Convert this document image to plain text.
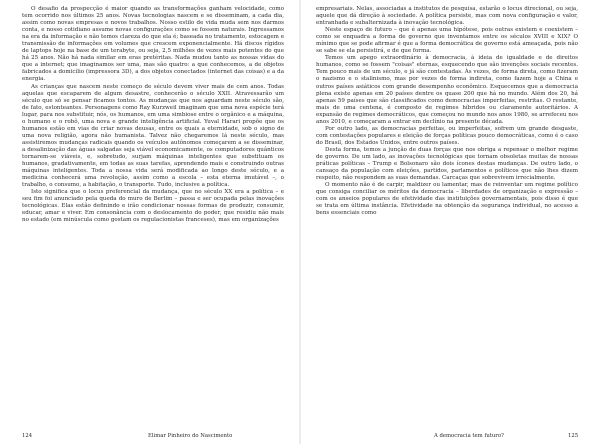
O desafio da prospecção é maior quando as transformações ganham velocidade, como tem ocorrido nos últimos 25 anos. Novas tecnologias nascem e se disseminam, a cada dia, assim como novas empresas e novos trabalhos. Nosso estilo de vida muda sem nos darmos conta, e nosso cotidiano assume novas configurações como se fossem naturais. Ingressamos na era da informação e não temos clareza do que ela é; baseada no tratamento, estocagem e transmissão de informações em volumes que crescem exponencialmente. Há discos rígidos de laptops hoje na base de um terabyte, ou seja, 2,5 milhões de vezes mais potentes do que há 25 anos. Não há nada similar em eras pretéritas. Nada mudou tanto as nossas vidas do que a internet; que imaginamos ser uma, mas são quatro: a que conhecemos, a de objetos fabricados a domicílio (impressora 3D), a dos objetos conectados (internet das coisas) e a da energia.

As crianças que nascem neste começo de século devem viver mais de cem anos. Todas aquelas que escaparem de algum desastre, conhecerão o século XXII. Atravessarão um século que só se pensar ficamos tontos. As mudanças que nos aguardam neste século são, de fato, estonteantes. Personagens como Ray Kurzweil imaginam que uma nova espécie terá lugar, para nos substituir, nós, os humanos, em uma simbiose entre o orgânico e a máquina, o humano e o robô, uma nova e grande inteligência artificial. Yuval Harari propõe que os humanos estão em vias de criar novas deusas, entre os quais a eternidade, sob o signo de uma nova religião, agora não humanista. Talvez não chegaremos lá neste século, mas assistiremos mudanças radicais quando os veículos autônomos começarem a se disseminar, a desalinização das águas salgadas seja viável economicamente, os computadores quânticos tornarem-se viáveis, e, sobretudo, surjam máquinas inteligentes que substituam os humanos, gradativamente, em todas as suas tarefas, aprendendo mais e construindo outras máquinas inteligentes. Toda a nossa vida será modificada ao longo deste século, e a medicina conhecerá uma revolução, assim como a escola – esta eterna imutável –, o trabalho, o consumo, a habitação, o transporte. Tudo, inclusive a política.

Isto significa que o locus preferencial da mudança, que no século XX era a política – e seu fim foi anunciado pela queda do muro de Berlim – passa e ser ocupada pelas inovações tecnológicas. Elas estão definindo e irão condicionar nossas formas de produzir, consumir, educar, amar e viver. Em consonância com o deslocamento do poder, que residiu não mais no estado (em minúscula como gostam os regulacionistas franceses), mas em organizações

124	Elimar Pinheiro do Nascimento

empresariais. Nelas, associadas a institutos de pesquisa, estarão o locus direcional, ou seja, aquele que dá direção à sociedade. A política persiste, mas com nova configuração e valor, entranhada e subalternizada à inovação tecnológica.

Neste espaço de futuro – que é apenas uma hipótese, pois outras existem e coexistem – como se enquadra a forma de governo que inventamos entre os séculos XVIII e XIX? O mínimo que se pode afirmar é que a forma democrática de governo está ameaçada, pois não se sabe se ela persistirá, e de que forma.

Temos um apego extraordinário à democracia, à ideia de igualdade e de direitos humanos, como se fossem "coisas" eternas, esquecendo que são invenções sociais recentes. Tem pouco mais de um século, e já são contestadas. Às vezes, de forma direta, como fizeram o nazismo e o stalinismo, mas por vezes de forma indireta, como fazem hoje a China e outros países asiáticos com grande desempenho econômico. Esquecemos que a democracia plena existe apenas em 20 países dentre os quase 200 que há no mundo. Além dos 20, há apenas 59 países que são classificados como democracias imperfeitas, restritas. O restante, mais de uma centena, é composto de regimes híbridos ou claramente autoritários. A expansão de regimes democráticos, que começou no mundo nos anos 1980, se arrefeceu nos anos 2010, e começaram a entrar em declínio na presente década.

Por outro lado, as democracias perfeitas, ou imperfeitas, sofrem um grande desgaste, com contestações populares e eleição de forças políticas pouco democráticas, como é o caso do Brasil, dos Estados Unidos, entre outros países.

Desta forma, temos a junção de duas forças que nos obriga a repensar o melhor regime de governo. De um lado, as inovações tecnológicas que tornam obsoletas muitas de nossas práticas políticas – Trump e Bolsonaro são dois ícones destas mudanças. De outro lado, o cansaço da população com eleições, partidos, parlamentos e políticos que não lhes dizem respeito, não respondem as suas demandas. Carcaças que sobrevivem irrecialmente.

O momento não é de carpir, maldizer ou lamentar, mas de reinventar um regime político que consiga conciliar os méritos da democracia – liberdades de organização e expressão – com os anseios populares de efetividade das instituições governamentais, pois disso é que se trata em última instância. Efetividade na obtenção da segurança individual, no acesso a bens essenciais como

A democracia tem futuro?	125
